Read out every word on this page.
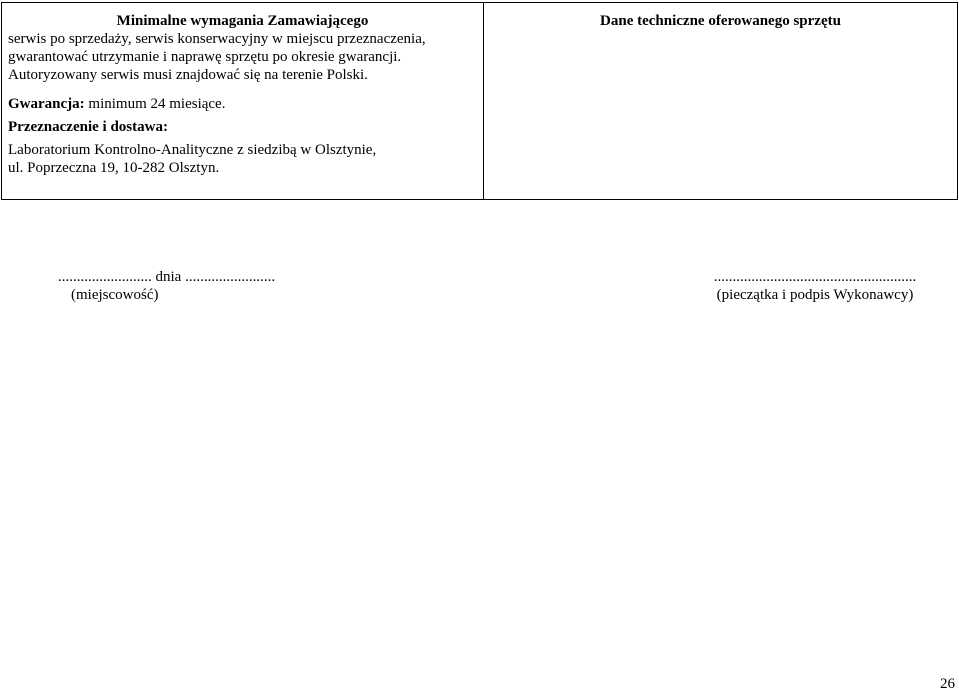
Minimalne wymagania Zamawiającego
serwis po sprzedaży, serwis konserwacyjny w miejscu przeznaczenia,
gwarantować utrzymanie i naprawę sprzętu po okresie gwarancji.
Autoryzowany serwis musi znajdować się na terenie Polski.
Gwarancja: minimum 24 miesiące.
Przeznaczenie i dostawa:
Laboratorium Kontrolno-Analityczne z siedzibą w Olsztynie,
ul. Poprzeczna 19, 10-282 Olsztyn.

Dane techniczne oferowanego sprzętu
......................... dnia ........................
(miejscowość)
......................................................
(pieczątka i podpis Wykonawcy)
26
